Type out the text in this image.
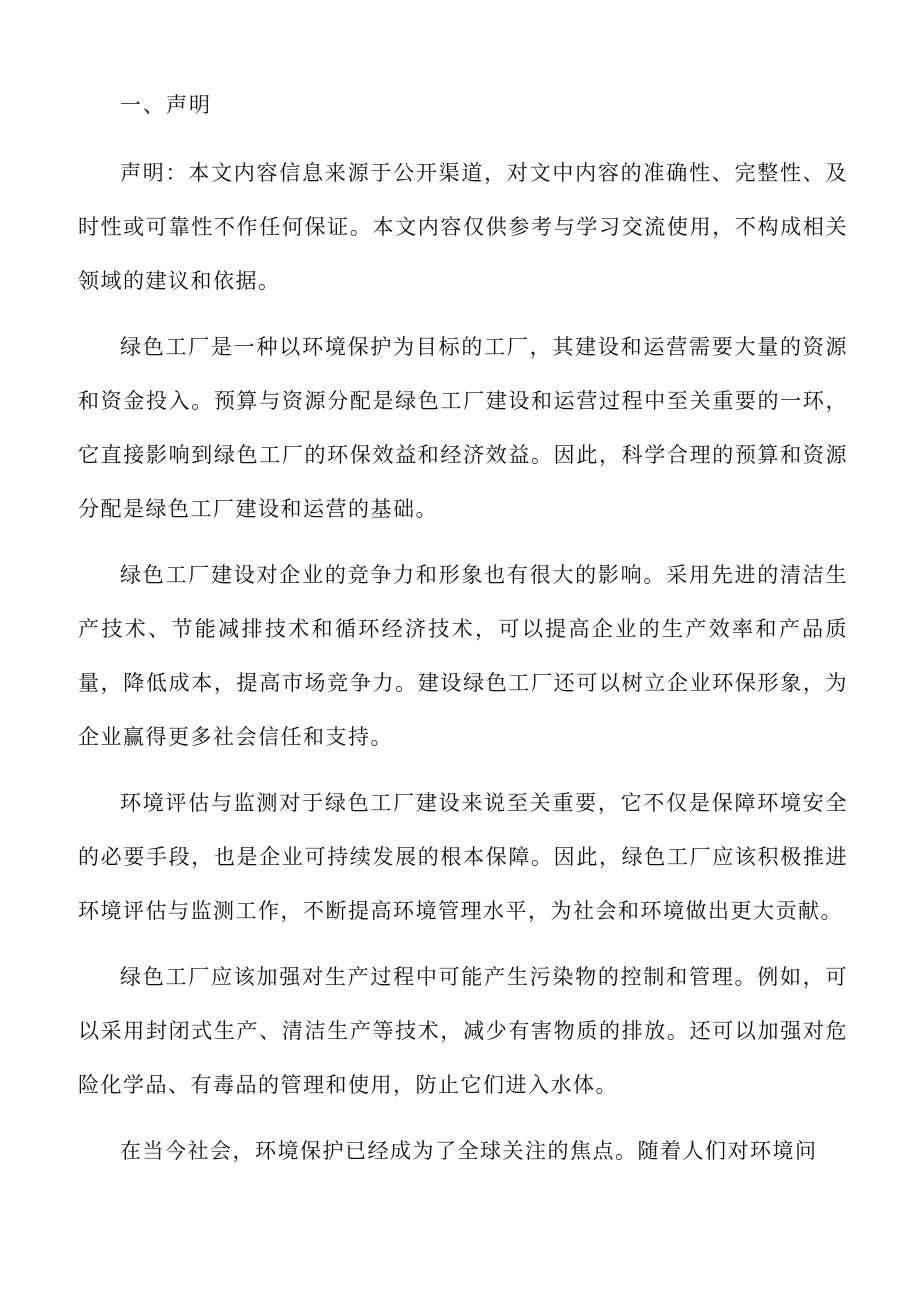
一、声明

声明：本文内容信息来源于公开渠道，对文中内容的准确性、完整性、及时性或可靠性不作任何保证。本文内容仅供参考与学习交流使用，不构成相关领域的建议和依据。

绿色工厂是一种以环境保护为目标的工厂，其建设和运营需要大量的资源和资金投入。预算与资源分配是绿色工厂建设和运营过程中至关重要的一环，它直接影响到绿色工厂的环保效益和经济效益。因此，科学合理的预算和资源分配是绿色工厂建设和运营的基础。

绿色工厂建设对企业的竞争力和形象也有很大的影响。采用先进的清洁生产技术、节能减排技术和循环经济技术，可以提高企业的生产效率和产品质量，降低成本，提高市场竞争力。建设绿色工厂还可以树立企业环保形象，为企业赢得更多社会信任和支持。

环境评估与监测对于绿色工厂建设来说至关重要，它不仅是保障环境安全的必要手段，也是企业可持续发展的根本保障。因此，绿色工厂应该积极推进环境评估与监测工作，不断提高环境管理水平，为社会和环境做出更大贡献。

绿色工厂应该加强对生产过程中可能产生污染物的控制和管理。例如，可以采用封闭式生产、清洁生产等技术，减少有害物质的排放。还可以加强对危险化学品、有毒品的管理和使用，防止它们进入水体。

在当今社会，环境保护已经成为了全球关注的焦点。随着人们对环境问
